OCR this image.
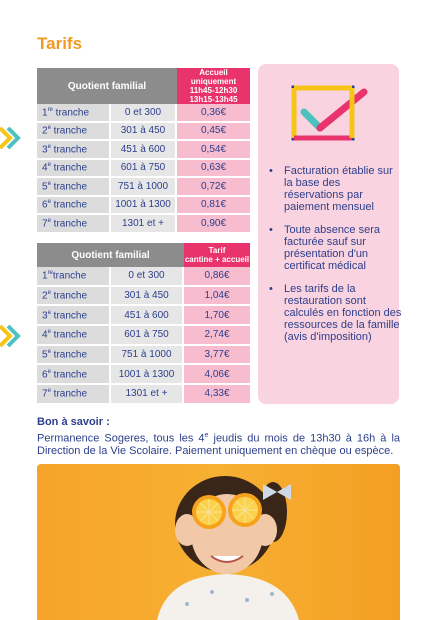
Tarifs
Quotient familial		Accueil uniquement
11h45-12h30
13h15-13h45

1re tranche	0 et 300	0,36€
2e tranche	301 à 450	0,45€
3e tranche	451 à 600	0,54€
4e tranche	601 à 750	0,63€
5e tranche	751 à 1000	0,72€
6e tranche	1001 à 1300	0,81€
7e tranche	1301 et +	0,90€
Quotient familial		Tarif
cantine + accueil

1retranche	0 et 300	0,86€
2e tranche	301 à 450	1,04€
3e tranche	451 à 600	1,70€
4e tranche	601 à 750	2,74€
5e tranche	751 à 1000	3,77€
6e tranche	1001 à 1300	4,06€
7e tranche	1301 et +	4,33€
• Facturation établie sur la base des réservations par paiement mensuel
• Toute absence sera facturée sauf sur présentation d'un certificat médical
• Les tarifs de la restauration sont calculés en fonction des ressources de la famille (avis d'imposition)
Bon à savoir :
Permanence Sogeres, tous les 4e jeudis du mois de 13h30 à 16h à la Direction de la Vie Scolaire. Paiement uniquement en chèque ou espèce.
